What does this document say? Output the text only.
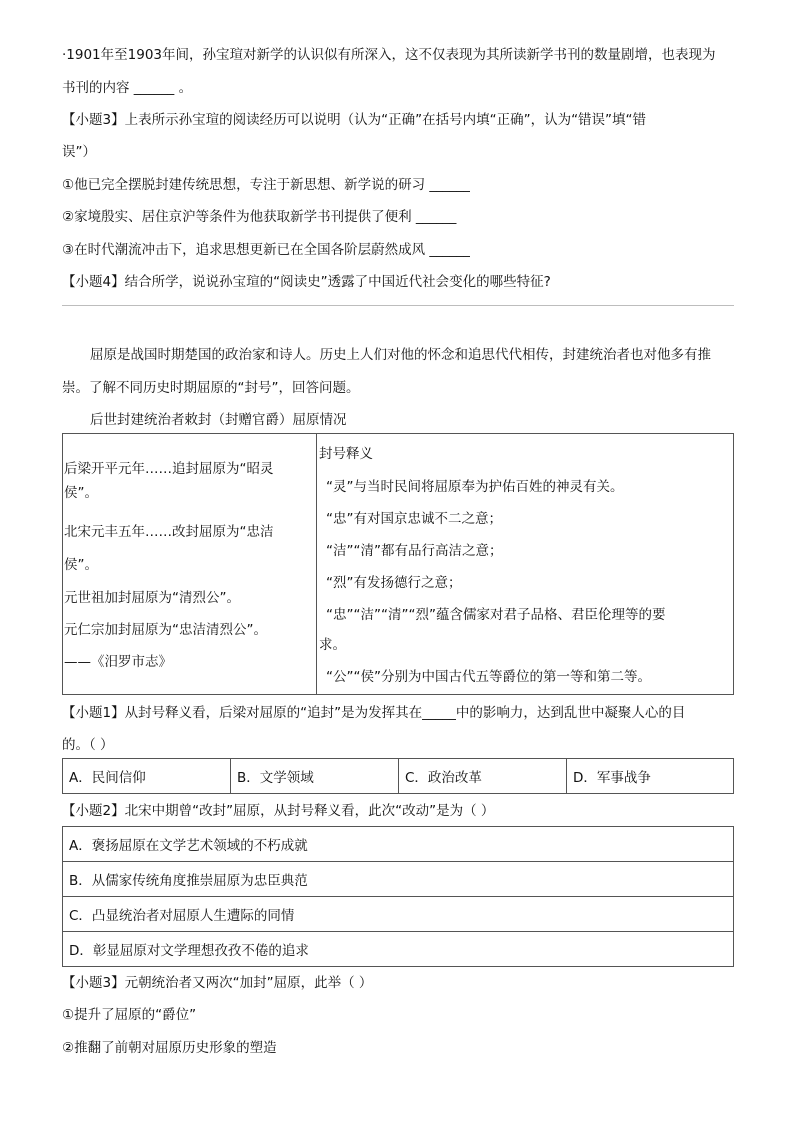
·1901年至1903年间，孙宝瑄对新学的认识似有所深入，这不仅表现为其所读新学书刊的数量剧增，也表现为
书刊的内容 ______ 。
【小题3】上表所示孙宝瑄的阅读经历可以说明（认为“正确”在括号内填“正确”，认为“错误”填“错
误”）
①他已完全摆脱封建传统思想，专注于新思想、新学说的研习 ______
②家境殷实、居住京沪等条件为他获取新学书刊提供了便利 ______
③在时代潮流冲击下，追求思想更新已在全国各阶层蔚然成风 ______
【小题4】结合所学，说说孙宝瑄的“阅读史”透露了中国近代社会变化的哪些特征?
屈原是战国时期楚国的政治家和诗人。历史上人们对他的怀念和追思代代相传，封建统治者也对他多有推
崇。了解不同历史时期屈原的“封号”，回答问题。
后世封建统治者敕封（封赠官爵）屈原情况
后梁开平元年……追封屈原为“昭灵
侯”。
北宋元丰五年……改封屈原为“忠洁
侯”。
元世祖加封屈原为“清烈公”。
元仁宗加封屈原为“忠洁清烈公”。
——《汨罗市志》

封号释义
“灵”与当时民间将屈原奉为护佑百姓的神灵有关。
“忠”有对国京忠诚不二之意；
“洁”“清”都有品行高洁之意；
“烈”有发扬德行之意；
“忠”“洁”“清”“烈”蕴含儒家对君子品格、君臣伦理等的要
求。
“公”“侯”分别为中国古代五等爵位的第一等和第二等。
【小题1】从封号释义看，后梁对屈原的“追封”是为发挥其在_____中的影响力，达到乱世中凝聚人心的目
的。（ ）
A．民间信仰	B．文学领域	C．政治改革	D．军事战争
【小题2】北宋中期曾“改封”屈原，从封号释义看，此次“改动”是为（ ）
A．褒扬屈原在文学艺术领域的不朽成就
B．从儒家传统角度推崇屈原为忠臣典范
C．凸显统治者对屈原人生遭际的同情
D．彰显屈原对文学理想孜孜不倦的追求
【小题3】元朝统治者又两次“加封”屈原，此举（ ）
①提升了屈原的“爵位”
②推翻了前朝对屈原历史形象的塑造
